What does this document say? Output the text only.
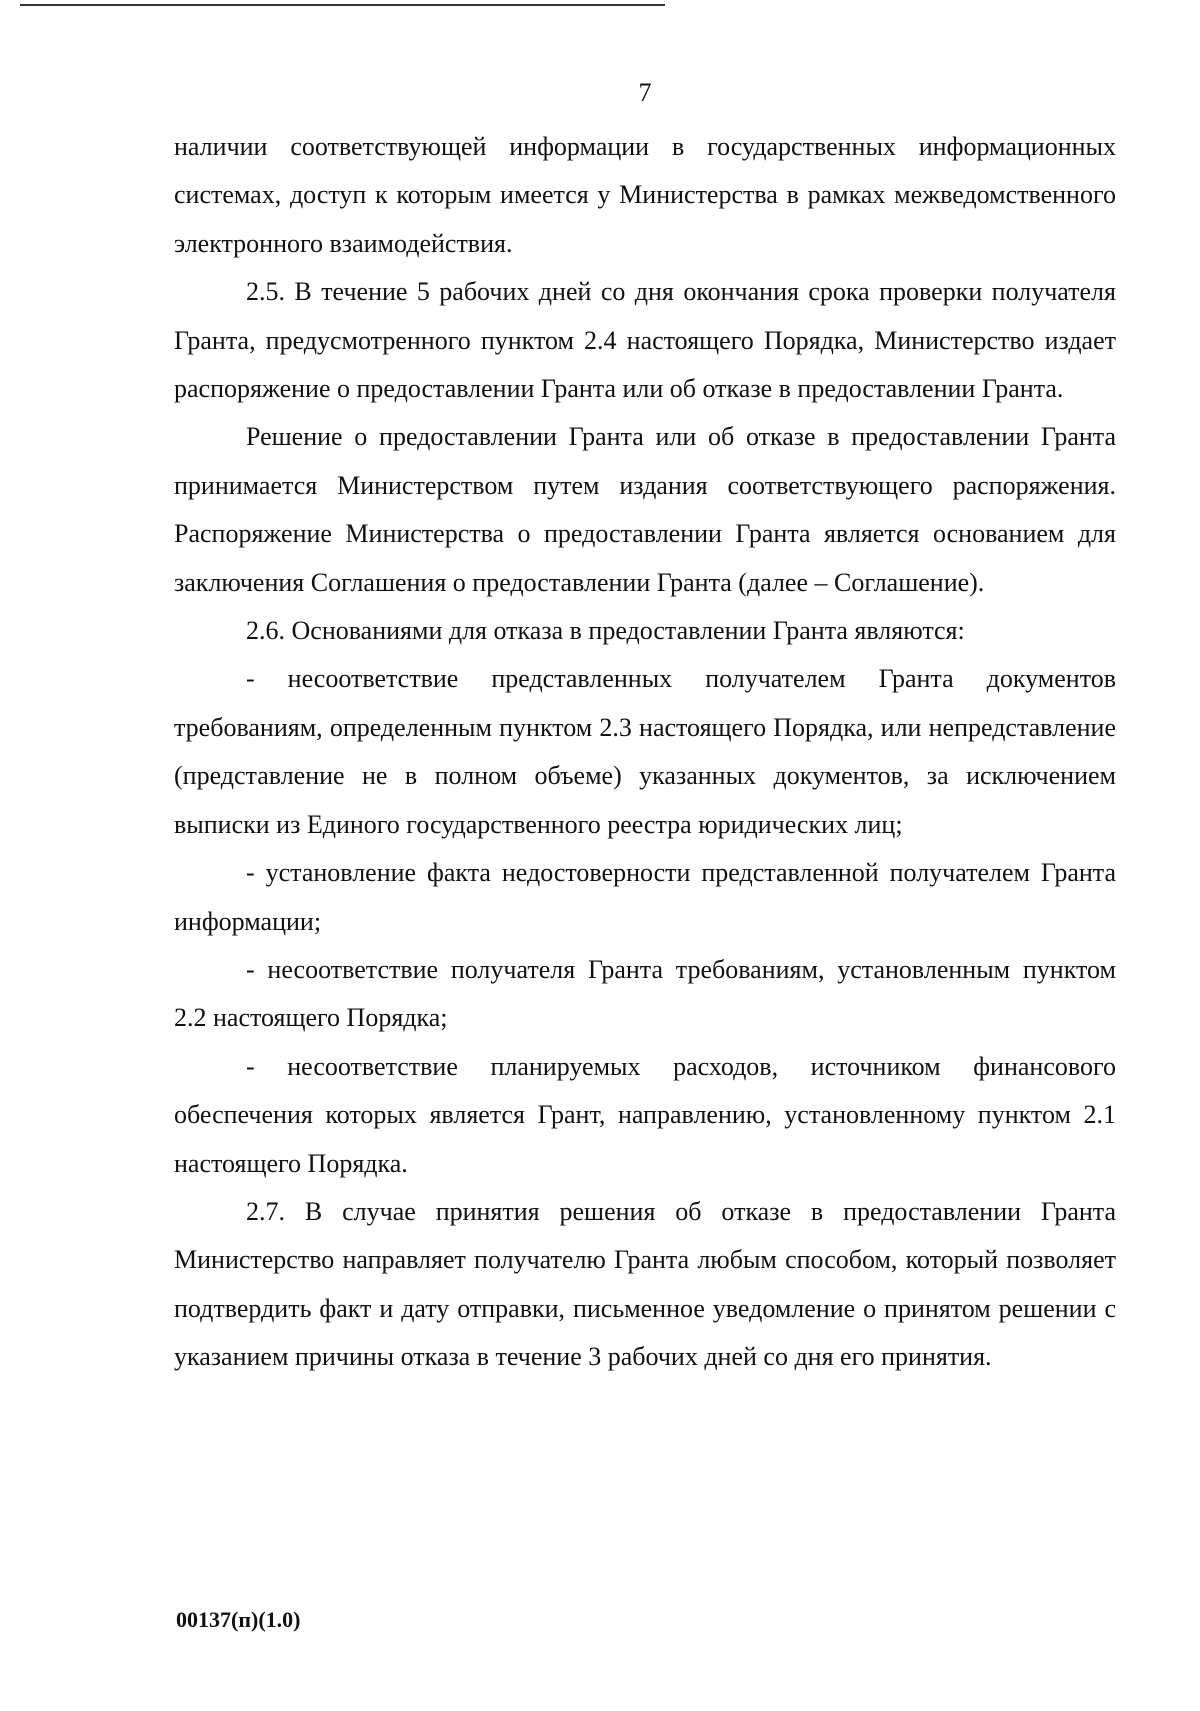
7

наличии соответствующей информации в государственных информационных системах, доступ к которым имеется у Министерства в рамках межведомственного электронного взаимодействия.

2.5. В течение 5 рабочих дней со дня окончания срока проверки получателя Гранта, предусмотренного пунктом 2.4 настоящего Порядка, Министерство издает распоряжение о предоставлении Гранта или об отказе в предоставлении Гранта.

Решение о предоставлении Гранта или об отказе в предоставлении Гранта принимается Министерством путем издания соответствующего распоряжения. Распоряжение Министерства о предоставлении Гранта является основанием для заключения Соглашения о предоставлении Гранта (далее – Соглашение).

2.6. Основаниями для отказа в предоставлении Гранта являются:

- несоответствие представленных получателем Гранта документов требованиям, определенным пунктом 2.3 настоящего Порядка, или непредставление (представление не в полном объеме) указанных документов, за исключением выписки из Единого государственного реестра юридических лиц;

- установление факта недостоверности представленной получателем Гранта информации;

- несоответствие получателя Гранта требованиям, установленным пунктом 2.2 настоящего Порядка;

- несоответствие планируемых расходов, источником финансового обеспечения которых является Грант, направлению, установленному пунктом 2.1 настоящего Порядка.

2.7. В случае принятия решения об отказе в предоставлении Гранта Министерство направляет получателю Гранта любым способом, который позволяет подтвердить факт и дату отправки, письменное уведомление о принятом решении с указанием причины отказа в течение 3 рабочих дней со дня его принятия.

00137(п)(1.0)
